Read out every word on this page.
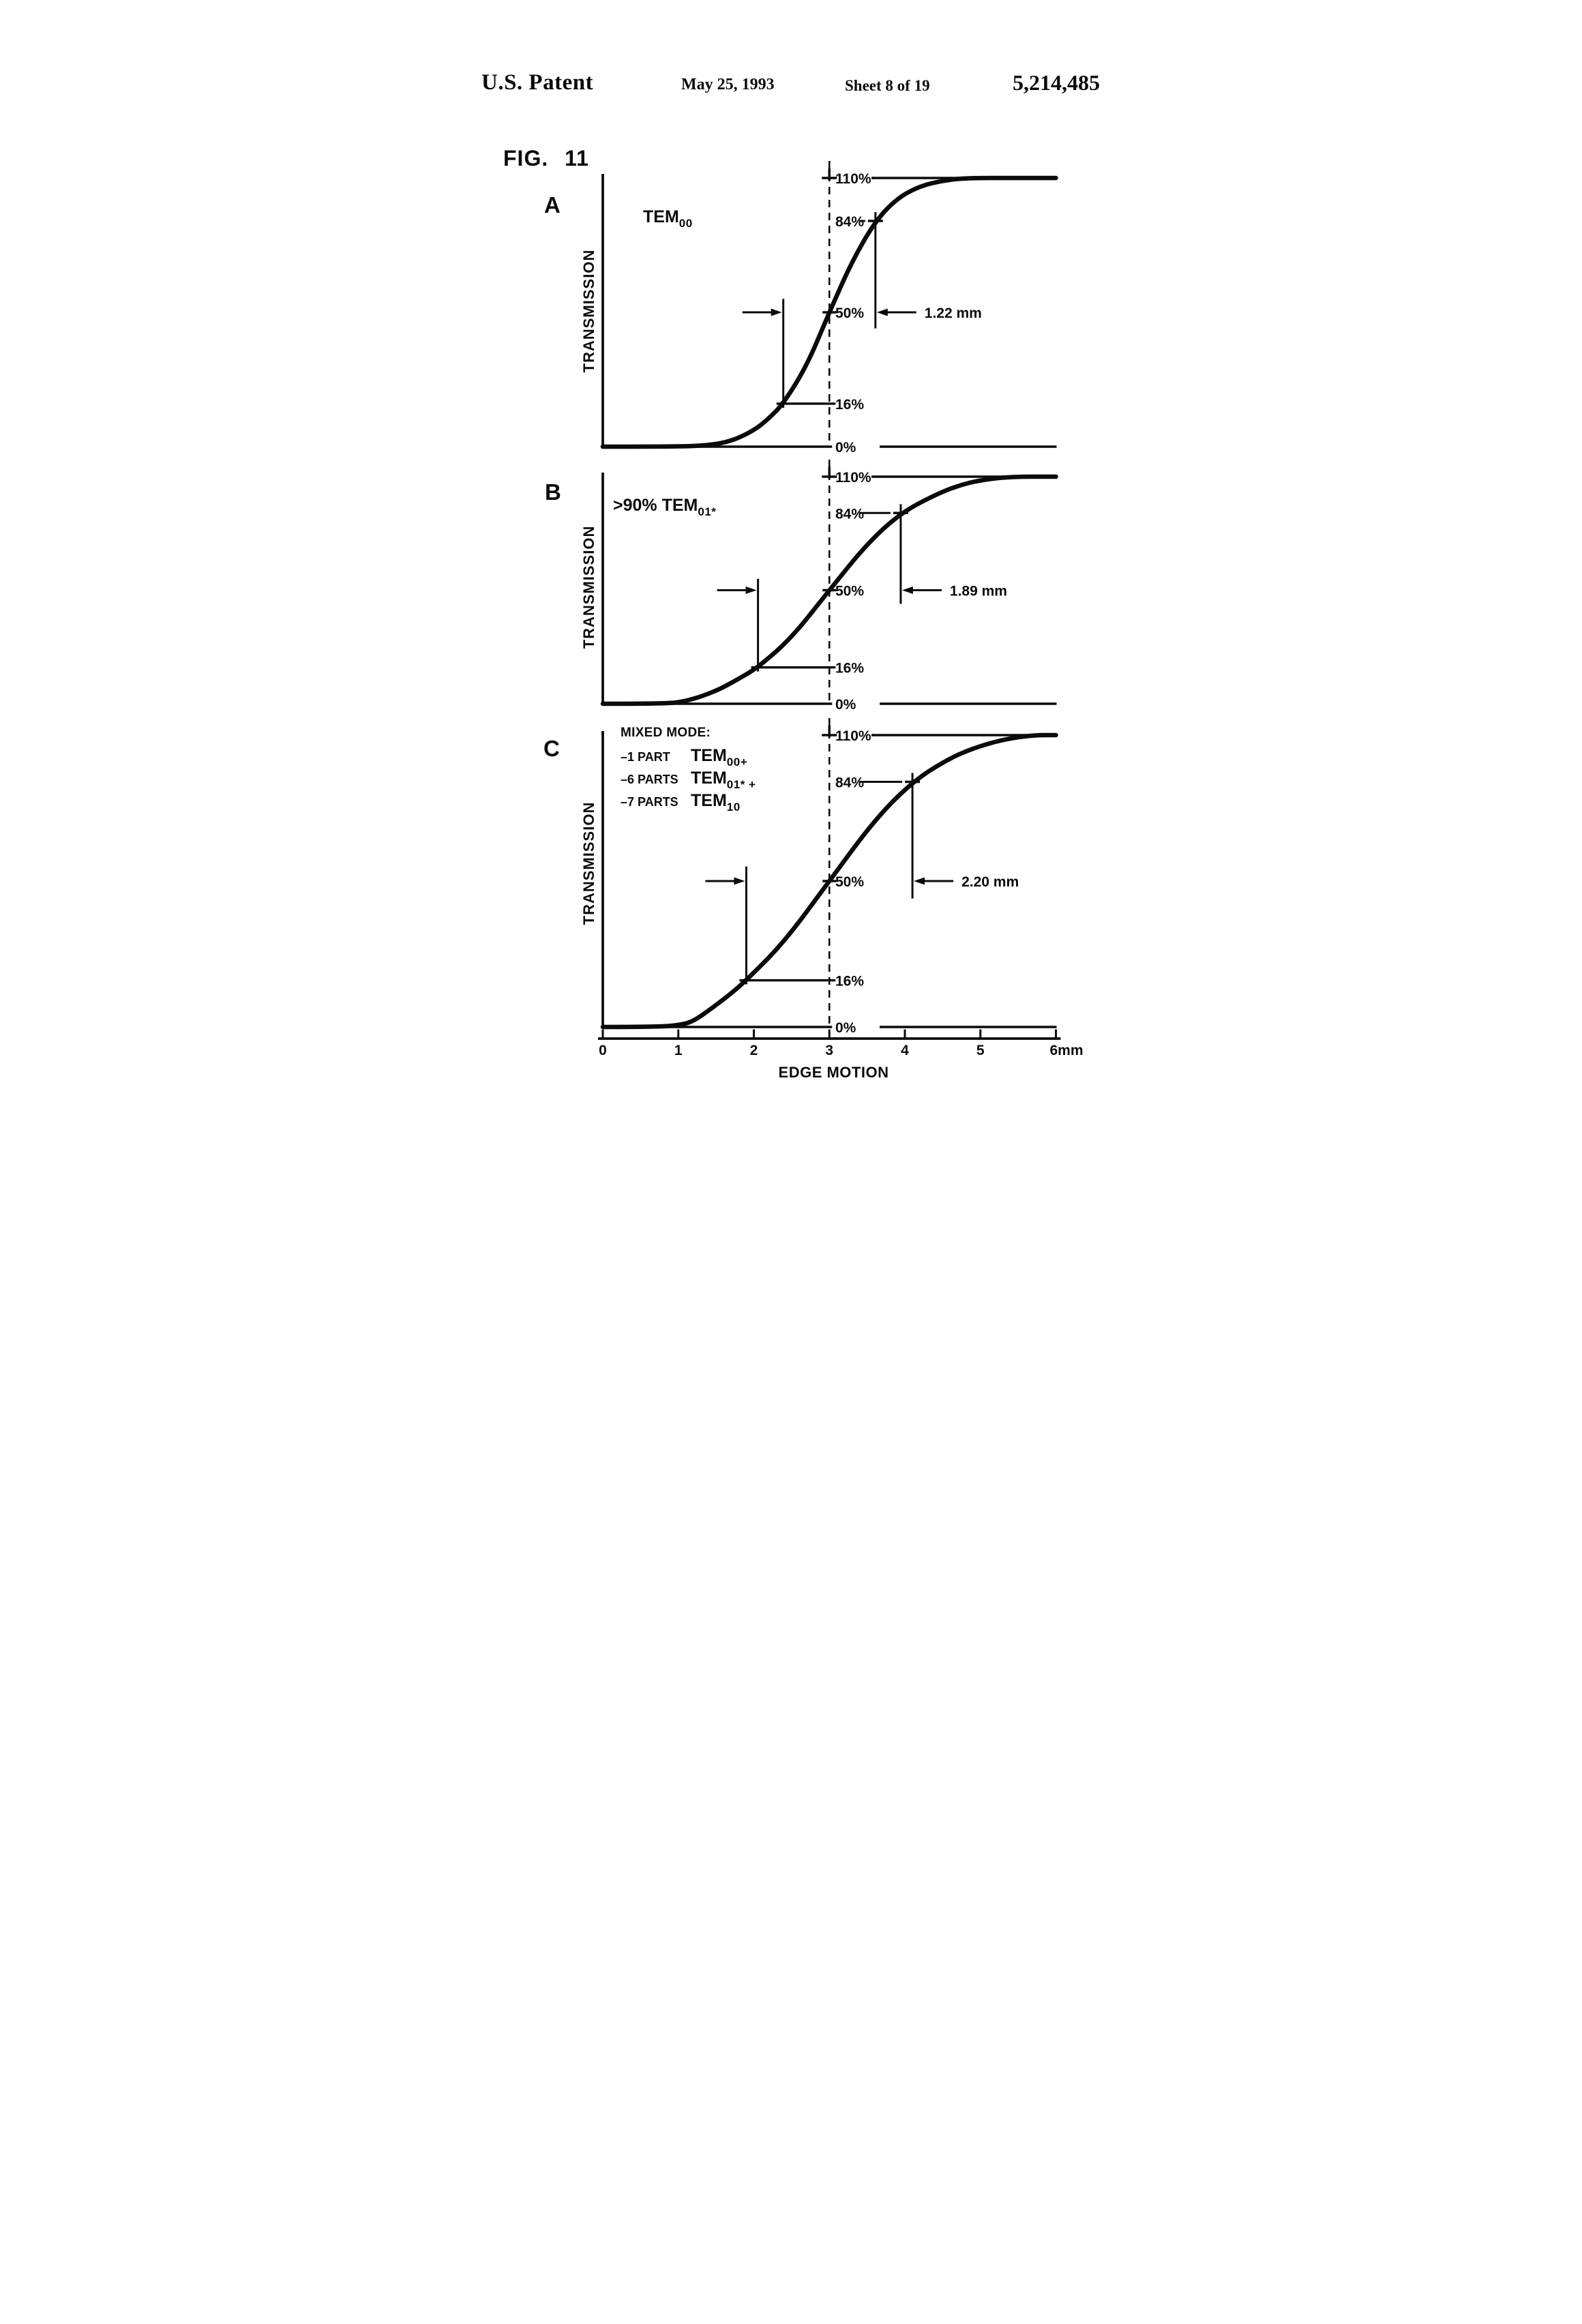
U.S. Patent	May 25, 1993	Sheet 8 of 19	5,214,485
FIG. 11
110%
84%
50%
16%
0%
1.22 mm
110%
84%
50%
16%
0%
1.89 mm
110%
84%
50%
16%
0%
2.20 mm
0	1	2	3	4	5	6mm
A
B
C
TRANSMISSION
TRANSMISSION
TRANSMISSION
$TEM_{00}$
>90% $TEM_{01*}$
MIXED MODE:
–1 PART TEM00+
–6 PARTS TEM01* +
–7 PARTS TEM10
EDGE MOTION
